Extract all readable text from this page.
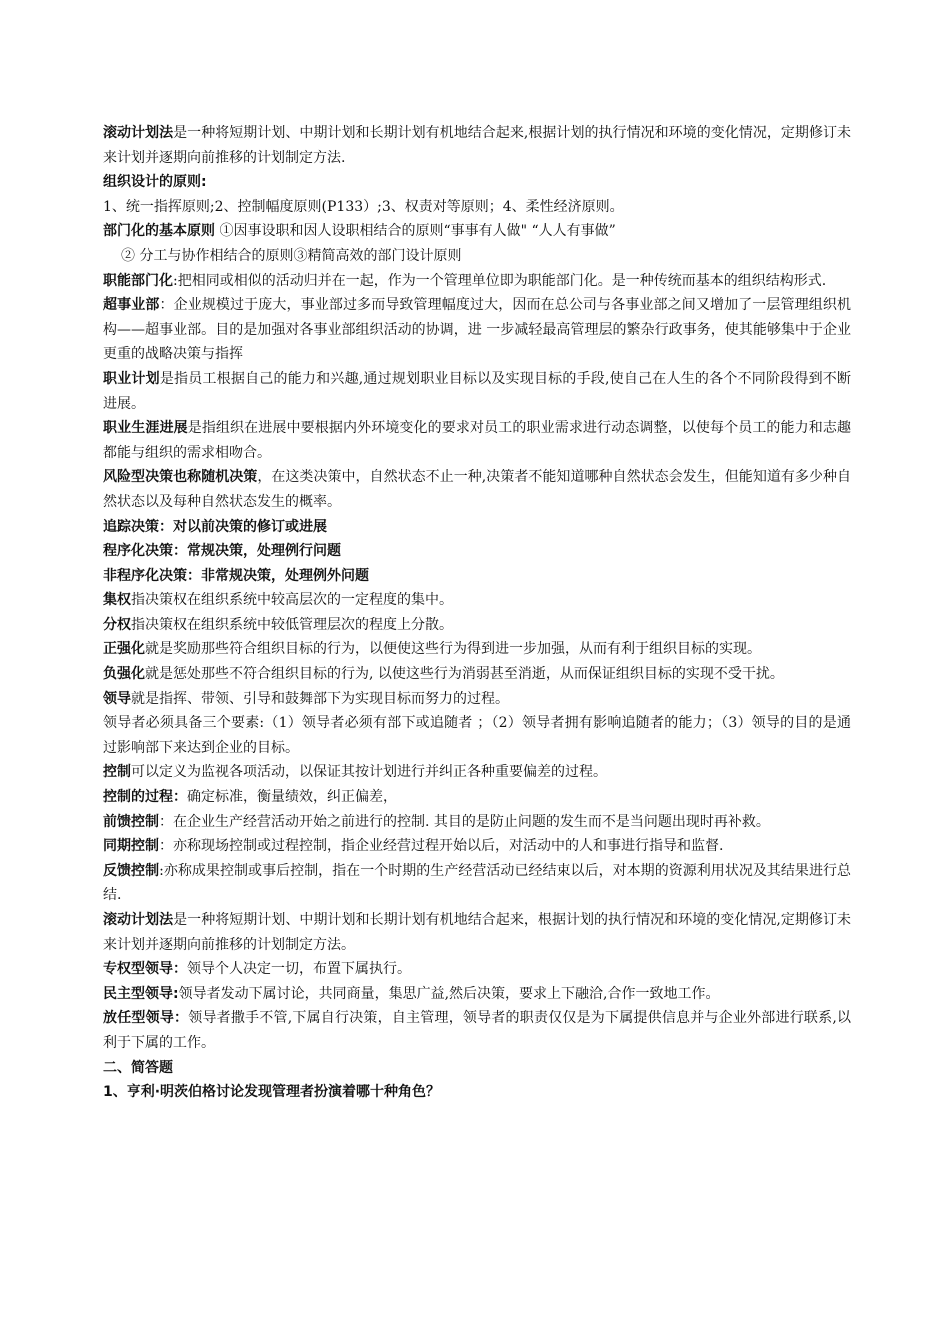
滚动计划法是一种将短期计划、中期计划和长期计划有机地结合起来,根据计划的执行情况和环境的变化情况，定期修订未来计划并逐期向前推移的计划制定方法.

组织设计的原则:

1、统一指挥原则;2、控制幅度原则(P133）;3、权责对等原则；4、柔性经济原则。

部门化的基本原则 ①因事设职和因人设职相结合的原则“事事有人做" “人人有事做”

② 分工与协作相结合的原则③精简高效的部门设计原则

职能部门化:把相同或相似的活动归并在一起，作为一个管理单位即为职能部门化。是一种传统而基本的组织结构形式.

超事业部：企业规模过于庞大，事业部过多而导致管理幅度过大，因而在总公司与各事业部之间又增加了一层管理组织机构——超事业部。目的是加强对各事业部组织活动的协调，进 一步减轻最高管理层的繁杂行政事务，使其能够集中于企业更重的战略决策与指挥

职业计划是指员工根据自己的能力和兴趣,通过规划职业目标以及实现目标的手段,使自己在人生的各个不同阶段得到不断进展。

职业生涯进展是指组织在进展中要根据内外环境变化的要求对员工的职业需求进行动态调整，以使每个员工的能力和志趣都能与组织的需求相吻合。

风险型决策也称随机决策，在这类决策中，自然状态不止一种,决策者不能知道哪种自然状态会发生，但能知道有多少种自然状态以及每种自然状态发生的概率。

追踪决策：对以前决策的修订或进展

程序化决策：常规决策，处理例行问题

非程序化决策：非常规决策，处理例外问题

集权指决策权在组织系统中较高层次的一定程度的集中。

分权指决策权在组织系统中较低管理层次的程度上分散。

正强化就是奖励那些符合组织目标的行为，以便使这些行为得到进一步加强，从而有利于组织目标的实现。

负强化就是惩处那些不符合组织目标的行为, 以使这些行为消弱甚至消逝，从而保证组织目标的实现不受干扰。

领导就是指挥、带领、引导和鼓舞部下为实现目标而努力的过程。

领导者必须具备三个要素:（1）领导者必须有部下或追随者 ；（2）领导者拥有影响追随者的能力；（3）领导的目的是通过影响部下来达到企业的目标。

控制可以定义为监视各项活动，以保证其按计划进行并纠正各种重要偏差的过程。

控制的过程：确定标准，衡量绩效，纠正偏差，

前馈控制：在企业生产经营活动开始之前进行的控制. 其目的是防止问题的发生而不是当问题出现时再补救。

同期控制：亦称现场控制或过程控制，指企业经营过程开始以后，对活动中的人和事进行指导和监督.

反馈控制:亦称成果控制或事后控制，指在一个时期的生产经营活动已经结束以后，对本期的资源利用状况及其结果进行总结.

滚动计划法是一种将短期计划、中期计划和长期计划有机地结合起来，根据计划的执行情况和环境的变化情况,定期修订未来计划并逐期向前推移的计划制定方法。

专权型领导：领导个人决定一切，布置下属执行。

民主型领导:领导者发动下属讨论，共同商量，集思广益,然后决策，要求上下融洽,合作一致地工作。

放任型领导：领导者撒手不管,下属自行决策，自主管理，领导者的职责仅仅是为下属提供信息并与企业外部进行联系,以利于下属的工作。

二、简答题

1、亨利·明茨伯格讨论发现管理者扮演着哪十种角色？
